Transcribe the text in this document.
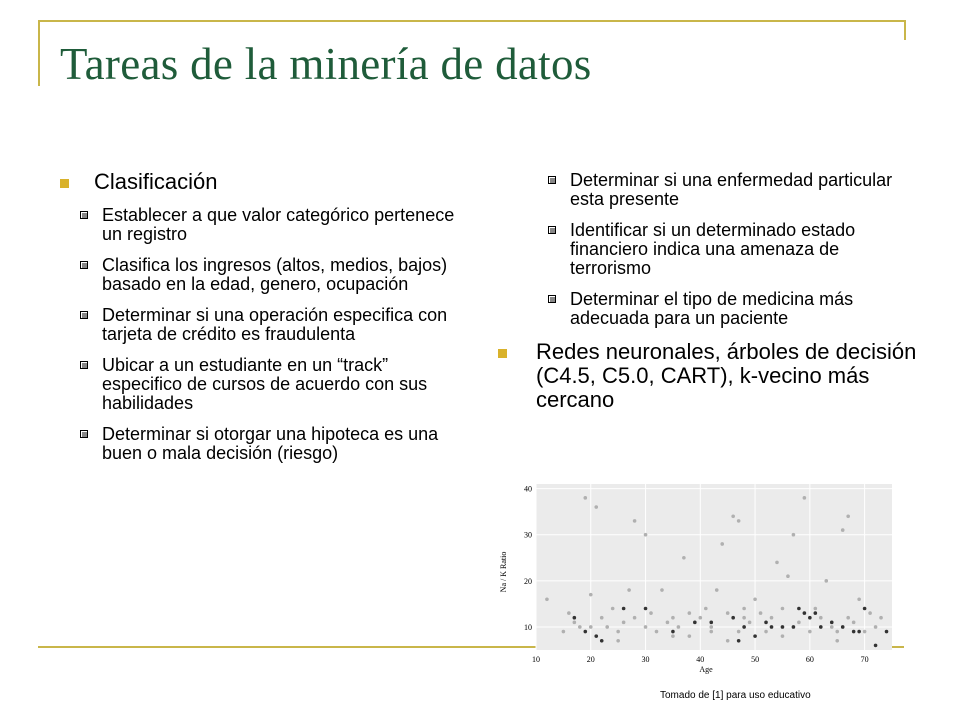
Tareas de la minería de datos
Clasificación
Establecer a que valor categórico pertenece un registro
Clasifica los ingresos (altos, medios, bajos) basado en la edad, genero, ocupación
Determinar si una operación especifica con tarjeta de crédito es fraudulenta
Ubicar a un estudiante en un “track” especifico de cursos de acuerdo con sus habilidades
Determinar si otorgar una hipoteca es una buen o mala decisión (riesgo)
Determinar si una enfermedad particular esta presente
Identificar si un determinado estado financiero indica una amenaza de terrorismo
Determinar el tipo de medicina más adecuada para un paciente
Redes neuronales, árboles de decisión (C4.5, C5.0, CART), k-vecino más cercano
10	20	30	40	50	60	70
10
20
30
40
Age
Na / K Ratio
Tomado de [1] para uso educativo
